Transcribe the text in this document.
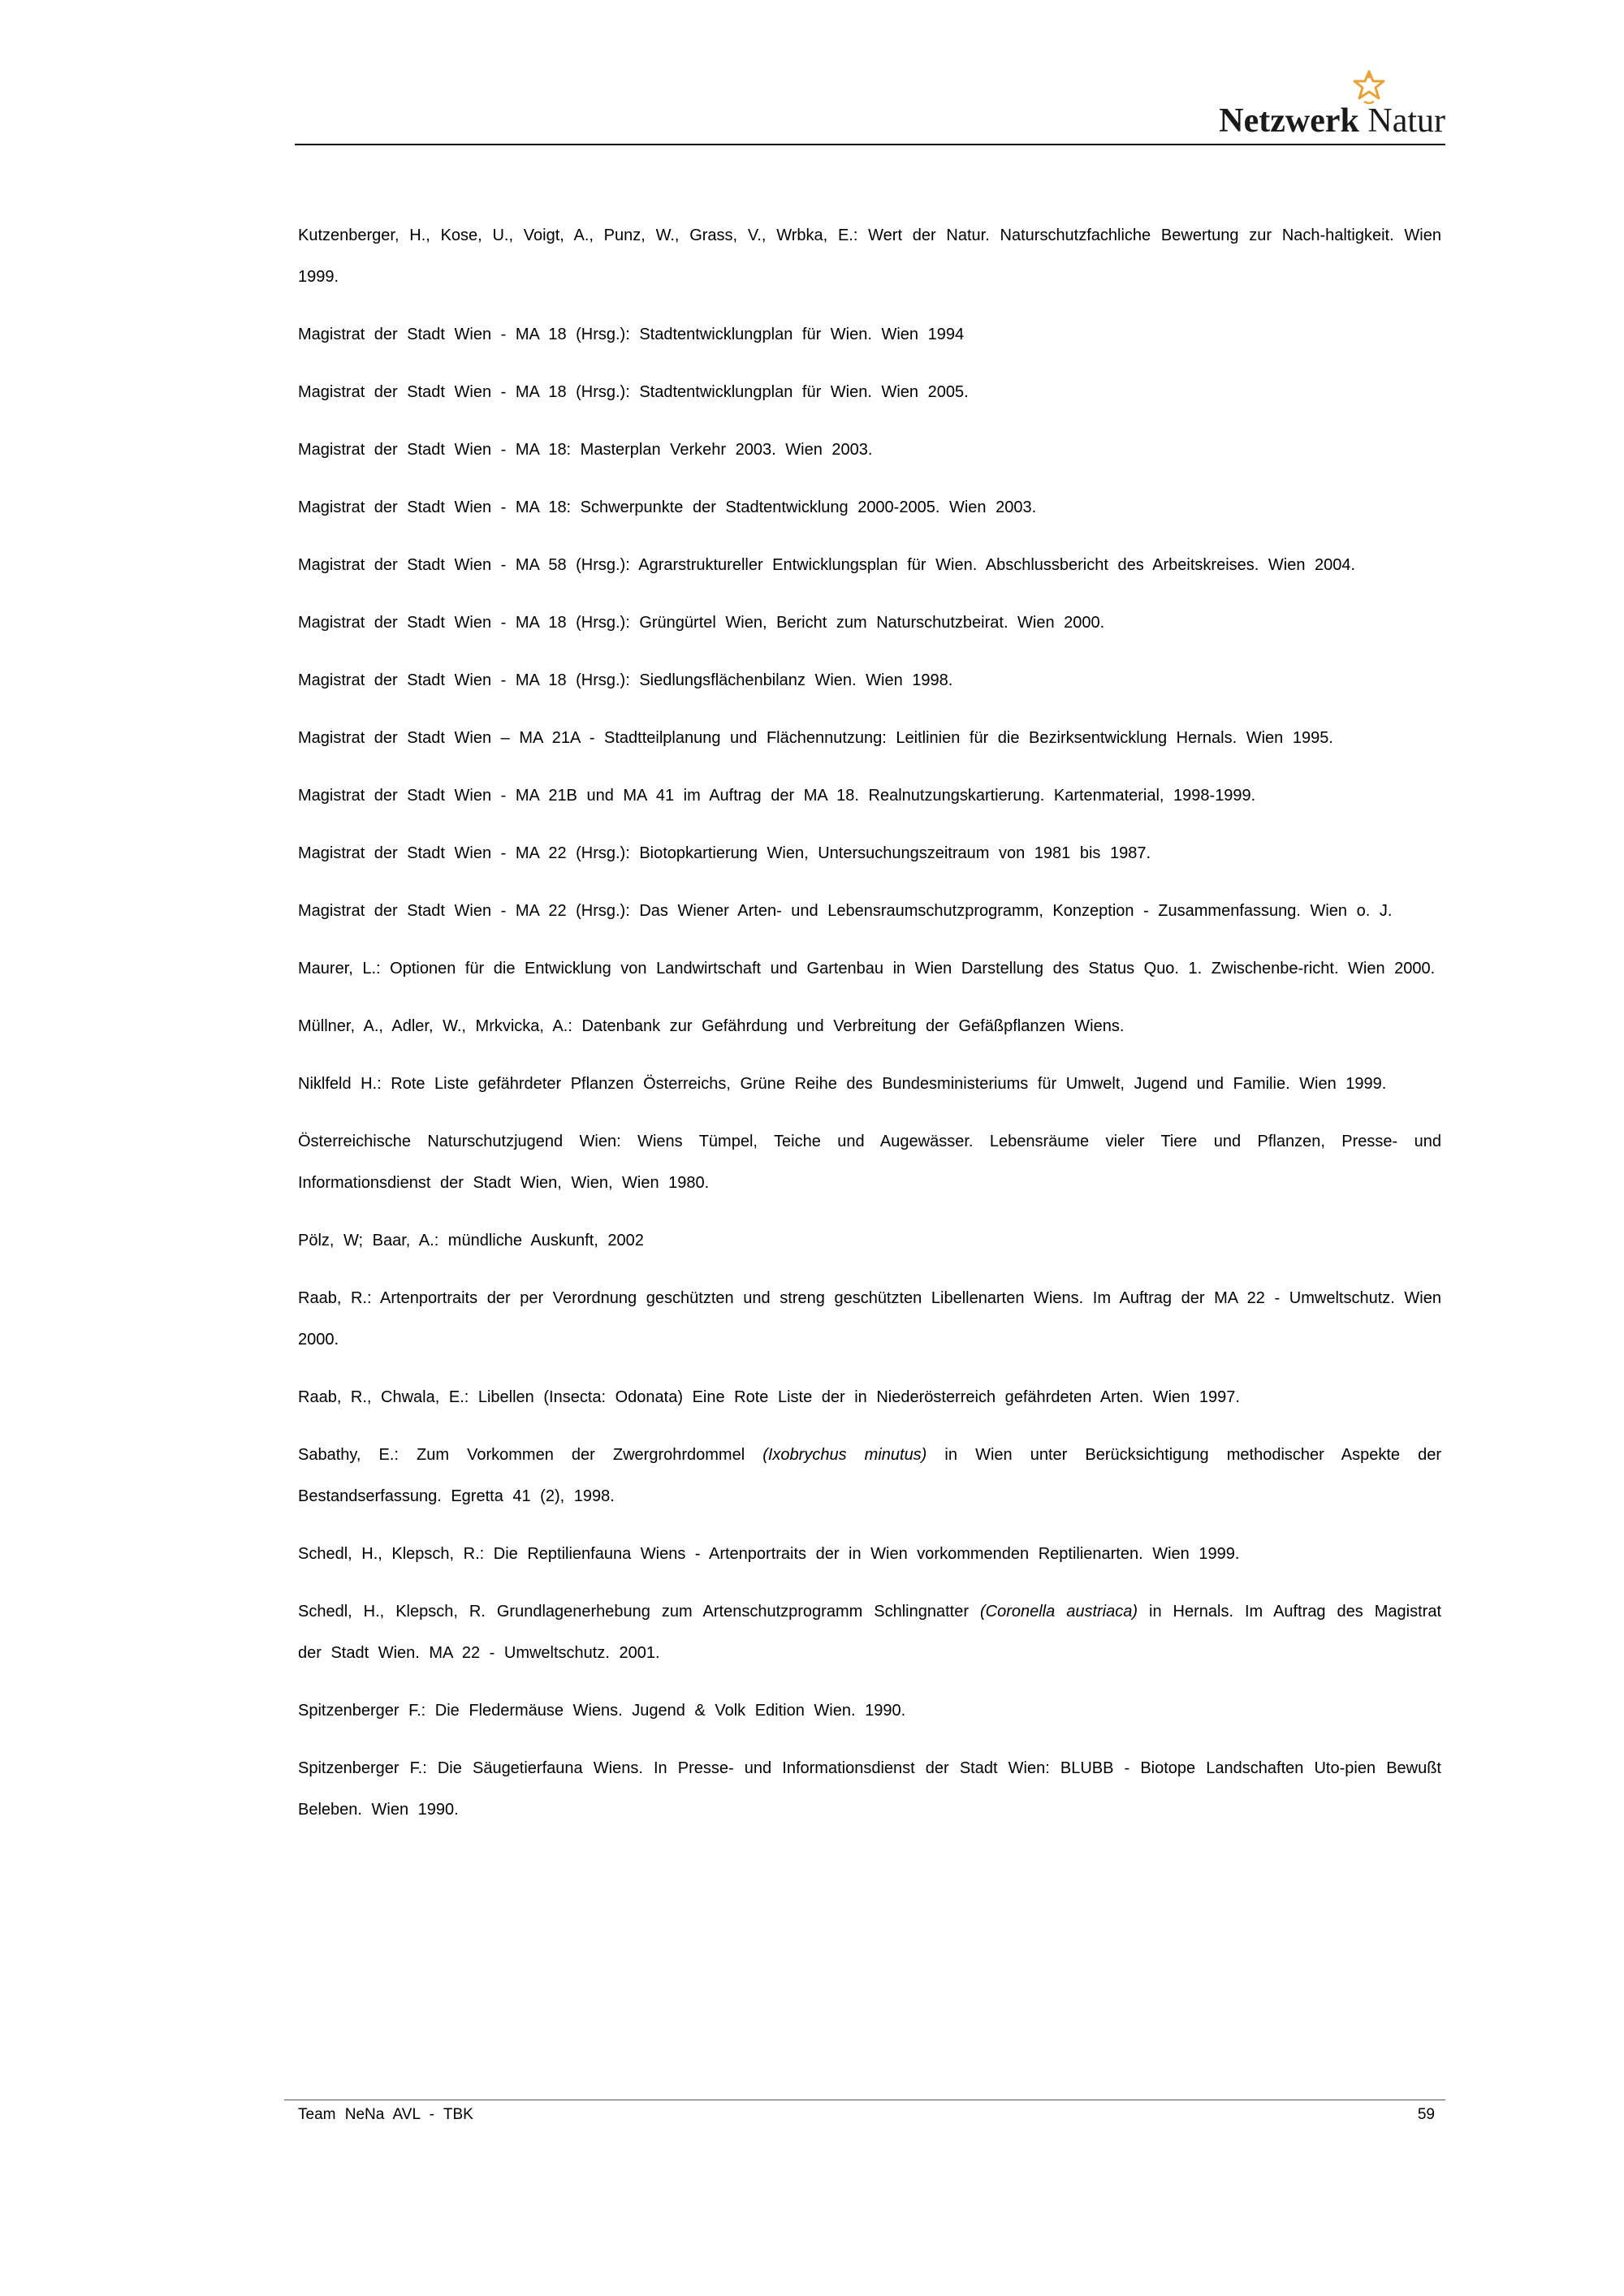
Netzwerk Natur

Kutzenberger, H., Kose, U., Voigt, A., Punz, W., Grass, V., Wrbka, E.: Wert der Natur. Naturschutzfachliche Bewertung zur Nach-haltigkeit. Wien 1999.

Magistrat der Stadt Wien - MA 18 (Hrsg.): Stadtentwicklungplan für Wien. Wien 1994

Magistrat der Stadt Wien - MA 18 (Hrsg.): Stadtentwicklungplan für Wien. Wien 2005.

Magistrat der Stadt Wien - MA 18: Masterplan Verkehr 2003. Wien 2003.

Magistrat der Stadt Wien - MA 18: Schwerpunkte der Stadtentwicklung 2000-2005. Wien 2003.

Magistrat der Stadt Wien - MA 58 (Hrsg.): Agrarstruktureller Entwicklungsplan für Wien. Abschlussbericht des Arbeitskreises. Wien 2004.

Magistrat der Stadt Wien - MA 18 (Hrsg.): Grüngürtel Wien, Bericht zum Naturschutzbeirat. Wien 2000.

Magistrat der Stadt Wien - MA 18 (Hrsg.): Siedlungsflächenbilanz Wien. Wien 1998.

Magistrat der Stadt Wien – MA 21A - Stadtteilplanung und Flächennutzung: Leitlinien für die Bezirksentwicklung Hernals. Wien 1995.

Magistrat der Stadt Wien - MA 21B und MA 41 im Auftrag der MA 18. Realnutzungskartierung. Kartenmaterial, 1998-1999.

Magistrat der Stadt Wien - MA 22 (Hrsg.): Biotopkartierung Wien, Untersuchungszeitraum von 1981 bis 1987.

Magistrat der Stadt Wien - MA 22 (Hrsg.): Das Wiener Arten- und Lebensraumschutzprogramm, Konzeption - Zusammenfassung. Wien o. J.

Maurer, L.: Optionen für die Entwicklung von Landwirtschaft und Gartenbau in Wien Darstellung des Status Quo. 1. Zwischenbe-richt. Wien 2000.

Müllner, A., Adler, W., Mrkvicka, A.: Datenbank zur Gefährdung und Verbreitung der Gefäßpflanzen Wiens.

Niklfeld H.: Rote Liste gefährdeter Pflanzen Österreichs, Grüne Reihe des Bundesministeriums für Umwelt, Jugend und Familie. Wien 1999.

Österreichische Naturschutzjugend Wien: Wiens Tümpel, Teiche und Augewässer. Lebensräume vieler Tiere und Pflanzen, Presse- und Informationsdienst der Stadt Wien, Wien, Wien 1980.

Pölz, W; Baar, A.: mündliche Auskunft, 2002

Raab, R.: Artenportraits der per Verordnung geschützten und streng geschützten Libellenarten Wiens. Im Auftrag der MA 22 - Umweltschutz. Wien 2000.

Raab, R., Chwala, E.: Libellen (Insecta: Odonata) Eine Rote Liste der in Niederösterreich gefährdeten Arten. Wien 1997.

Sabathy, E.: Zum Vorkommen der Zwergrohrdommel (Ixobrychus minutus) in Wien unter Berücksichtigung methodischer Aspekte der Bestandserfassung. Egretta 41 (2), 1998.

Schedl, H., Klepsch, R.: Die Reptilienfauna Wiens - Artenportraits der in Wien vorkommenden Reptilienarten. Wien 1999.

Schedl, H., Klepsch, R. Grundlagenerhebung zum Artenschutzprogramm Schlingnatter (Coronella austriaca) in Hernals. Im Auftrag des Magistrat der Stadt Wien. MA 22 - Umweltschutz. 2001.

Spitzenberger F.: Die Fledermäuse Wiens. Jugend & Volk Edition Wien. 1990.

Spitzenberger F.: Die Säugetierfauna Wiens. In Presse- und Informationsdienst der Stadt Wien: BLUBB - Biotope Landschaften Uto-pien Bewußt Beleben. Wien 1990.

Team NeNa AVL - TBK	59
